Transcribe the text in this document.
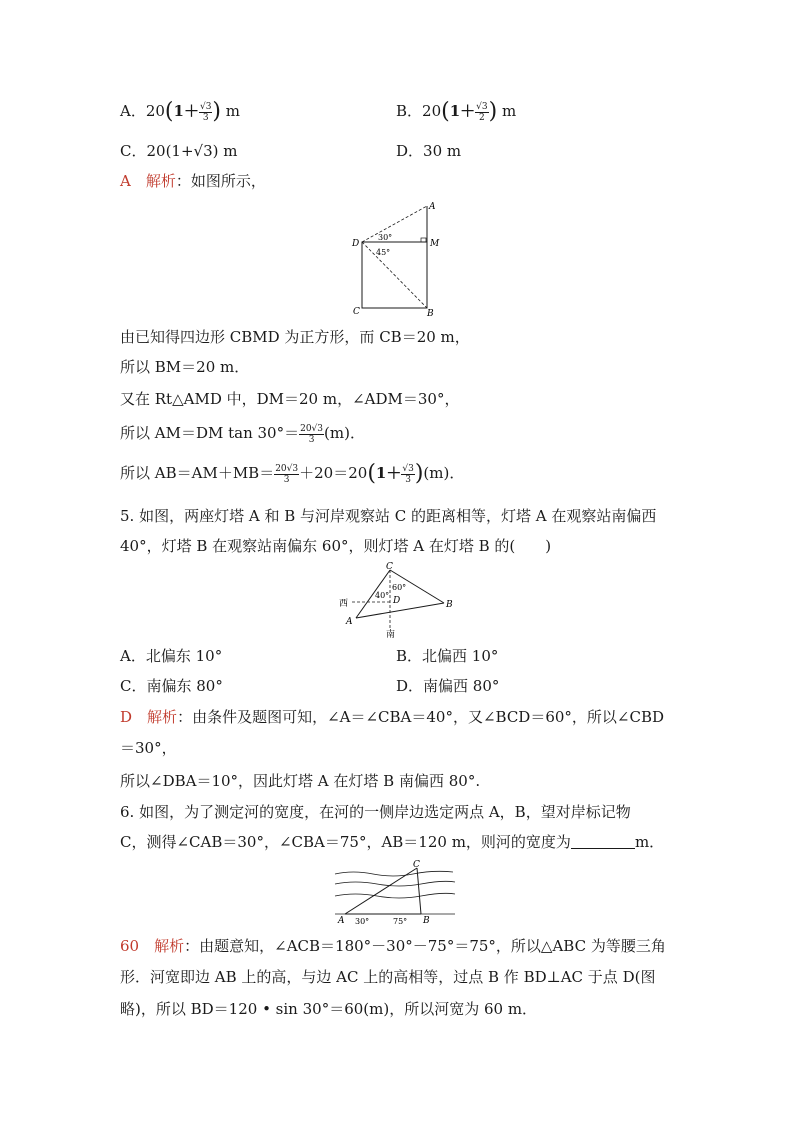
A．$20(1+ \frac{√3}{3}$ ) m	B．$20(1+ \frac{√3}{2}$ ) m
C．20(1+√3) m	D．30 m
A　 解析：如图所示，
A
M
D
C	B
30°
45°
由已知得四边形 CBMD 为正方形，而 CB＝20 m，
所以 BM＝20 m．
又在 Rt△AMD 中，DM＝20 m，∠ADM＝30°，
所以 AM＝DM $\tan 30^\circ= \frac{20√3}{3} (m)$．
所以 $AB=AM+MB= \frac{20√3}{3} +20=20(1+ \frac{√3}{3} )(m)$．
5. 如图，两座灯塔 A 和 B 与河岸观察站 C 的距离相等，灯塔 A 在观察站南偏西
40°，灯塔 B 在观察站南偏东 60°，则灯塔 A 在灯塔 B 的(　　)
C
D
A
B
西
南
40°
60°
A．北偏东 10°	B．北偏西 10°
C．南偏东 80°	D．南偏西 80°
D　 解析：由条件及题图可知，∠A＝∠CBA＝40°，又∠BCD＝60°，所以∠CBD
＝30°，
所以∠DBA＝10°，因此灯塔 A 在灯塔 B 南偏西 80°.
6. 如图，为了测定河的宽度，在河的一侧岸边选定两点 A，B，望对岸标记物
C，测得∠CAB＝30°，∠CBA＝75°，AB＝120 m，则河的宽度为	m．
C
A	B
30°	75°
60　 解析：由题意知，∠ACB＝180°－30°－75°＝75°，所以△ABC 为等腰三角
形．河宽即边 AB 上的高，与边 AC 上的高相等，过点 B 作 BD⊥AC 于点 D(图
略)，所以 BD＝120 • sin 30°＝60(m)，所以河宽为 60 m．
